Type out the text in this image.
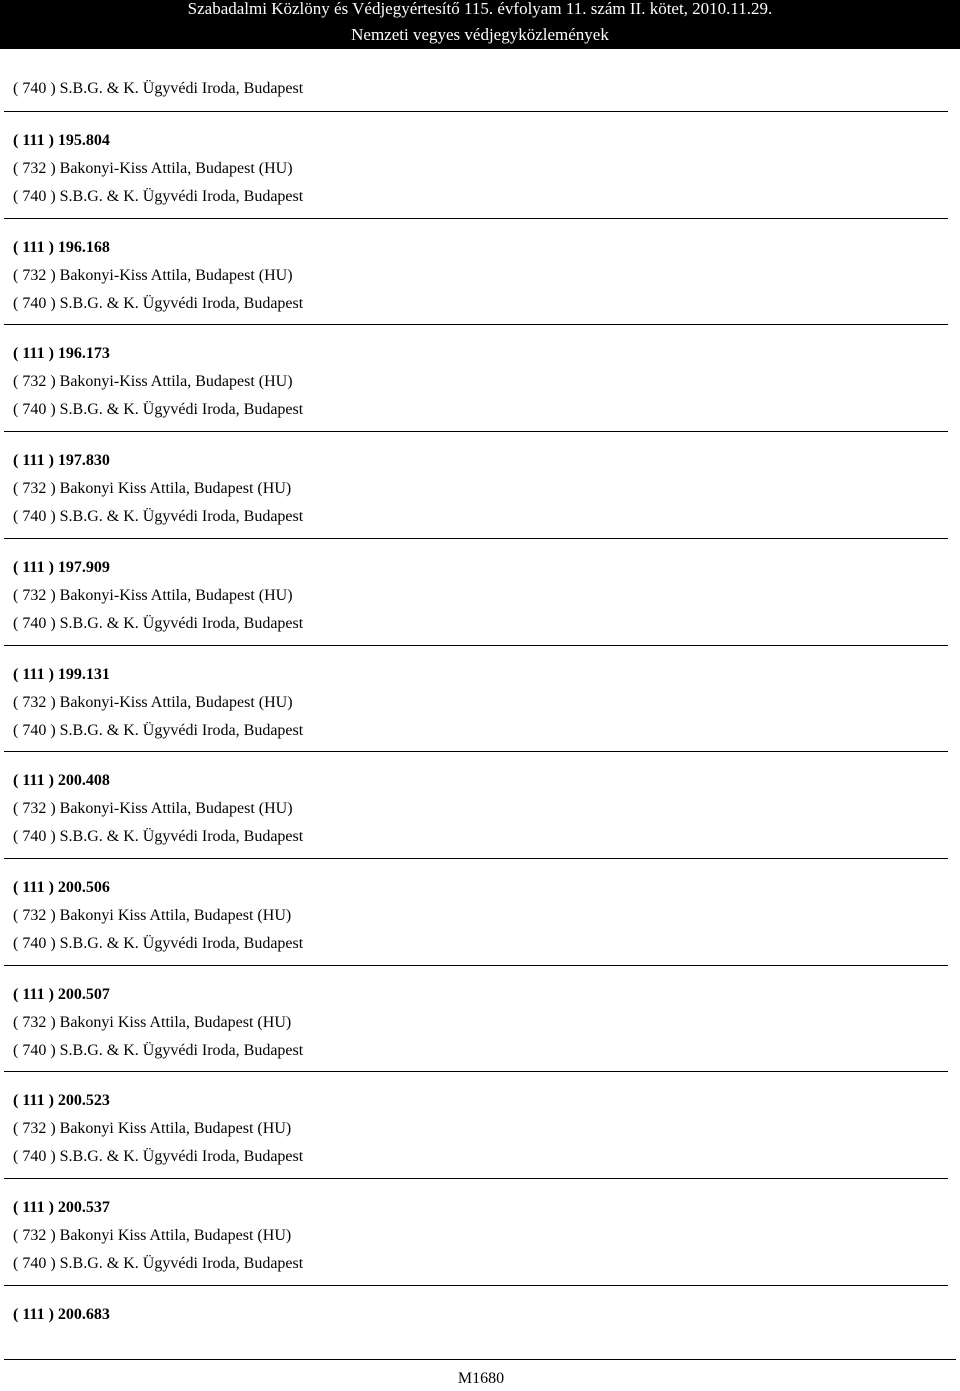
Szabadalmi Közlöny és Védjegyértesítő 115. évfolyam 11. szám II. kötet, 2010.11.29.
Nemzeti vegyes védjegyközlemények
( 740 ) S.B.G. & K. Ügyvédi Iroda, Budapest
( 111 ) 195.804
( 732 ) Bakonyi-Kiss Attila, Budapest (HU)
( 740 ) S.B.G. & K. Ügyvédi Iroda, Budapest
( 111 ) 196.168
( 732 ) Bakonyi-Kiss Attila, Budapest (HU)
( 740 ) S.B.G. & K. Ügyvédi Iroda, Budapest
( 111 ) 196.173
( 732 ) Bakonyi-Kiss Attila, Budapest (HU)
( 740 ) S.B.G. & K. Ügyvédi Iroda, Budapest
( 111 ) 197.830
( 732 ) Bakonyi Kiss Attila, Budapest (HU)
( 740 ) S.B.G. & K. Ügyvédi Iroda, Budapest
( 111 ) 197.909
( 732 ) Bakonyi-Kiss Attila, Budapest (HU)
( 740 ) S.B.G. & K. Ügyvédi Iroda, Budapest
( 111 ) 199.131
( 732 ) Bakonyi-Kiss Attila, Budapest (HU)
( 740 ) S.B.G. & K. Ügyvédi Iroda, Budapest
( 111 ) 200.408
( 732 ) Bakonyi-Kiss Attila, Budapest (HU)
( 740 ) S.B.G. & K. Ügyvédi Iroda, Budapest
( 111 ) 200.506
( 732 ) Bakonyi Kiss Attila, Budapest (HU)
( 740 ) S.B.G. & K. Ügyvédi Iroda, Budapest
( 111 ) 200.507
( 732 ) Bakonyi Kiss Attila, Budapest (HU)
( 740 ) S.B.G. & K. Ügyvédi Iroda, Budapest
( 111 ) 200.523
( 732 ) Bakonyi Kiss Attila, Budapest (HU)
( 740 ) S.B.G. & K. Ügyvédi Iroda, Budapest
( 111 ) 200.537
( 732 ) Bakonyi Kiss Attila, Budapest (HU)
( 740 ) S.B.G. & K. Ügyvédi Iroda, Budapest
( 111 ) 200.683
M1680
